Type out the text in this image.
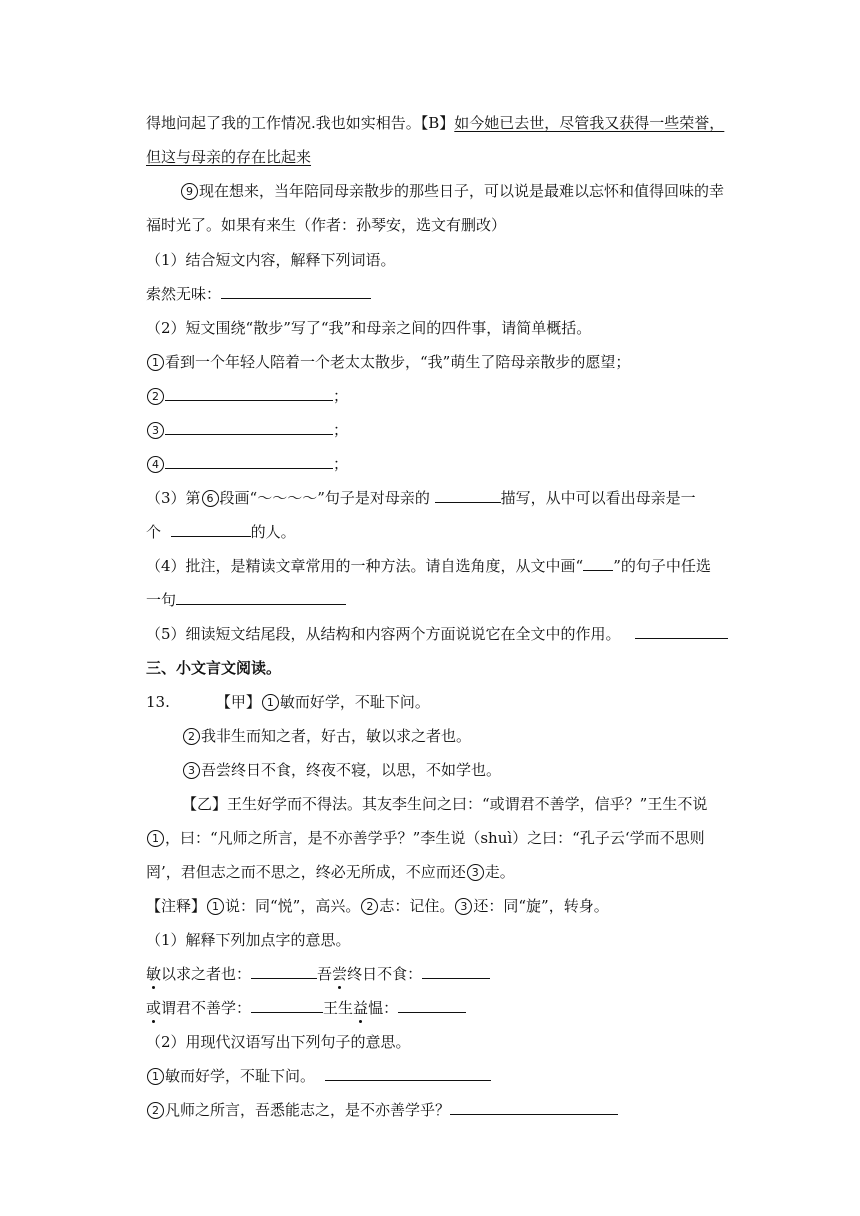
得地问起了我的工作情况.我也如实相告。【B】如今她已去世，尽管我又获得一些荣誉，
但这与母亲的存在比起来
9 现在想来，当年陪同母亲散步的那些日子，可以说是最难以忘怀和值得回味的幸
福时光了。如果有来生（作者：孙琴安，选文有删改）
（1）结合短文内容，解释下列词语。
索然无味：
（2）短文围绕“散步”写了“我”和母亲之间的四件事，请简单概括。
1 看到一个年轻人陪着一个老太太散步，“我”萌生了陪母亲散步的愿望；
2	；
3	；
4	；
（3）第 6 段画“～～～～”句子是对母亲的	描写，从中可以看出母亲是一
个	的人。
（4）批注，是精读文章常用的一种方法。请自选角度，从文中画“ ”的句子中任选
一句
（5）细读短文结尾段，从结构和内容两个方面说说它在全文中的作用。
三、小文言文阅读。
13.	【甲】 1 敏而好学，不耻下问。
2 我非生而知之者，好古，敏以求之者也。
3 吾尝终日不食，终夜不寝，以思，不如学也。
【乙】王生好学而不得法。其友李生问之曰：“或谓君不善学，信乎？”王生不说
1 ，曰：“凡师之所言，是不亦善学乎？”李生说（shuì）之曰：“孔子云‘学而不思则
罔’，君但志之而不思之，终必无所成，不应而还 3 走。
【注释】 1 说：同“悦”，高兴。 2 志：记住。 3 还：同“旋”，转身。
（1）解释下列加点字的意思。
敏以求之者也：	吾尝终日不食：
或谓君不善学：	王生益愠：
（2）用现代汉语写出下列句子的意思。
1 敏而好学，不耻下问。
2 凡师之所言，吾悉能志之，是不亦善学乎？
